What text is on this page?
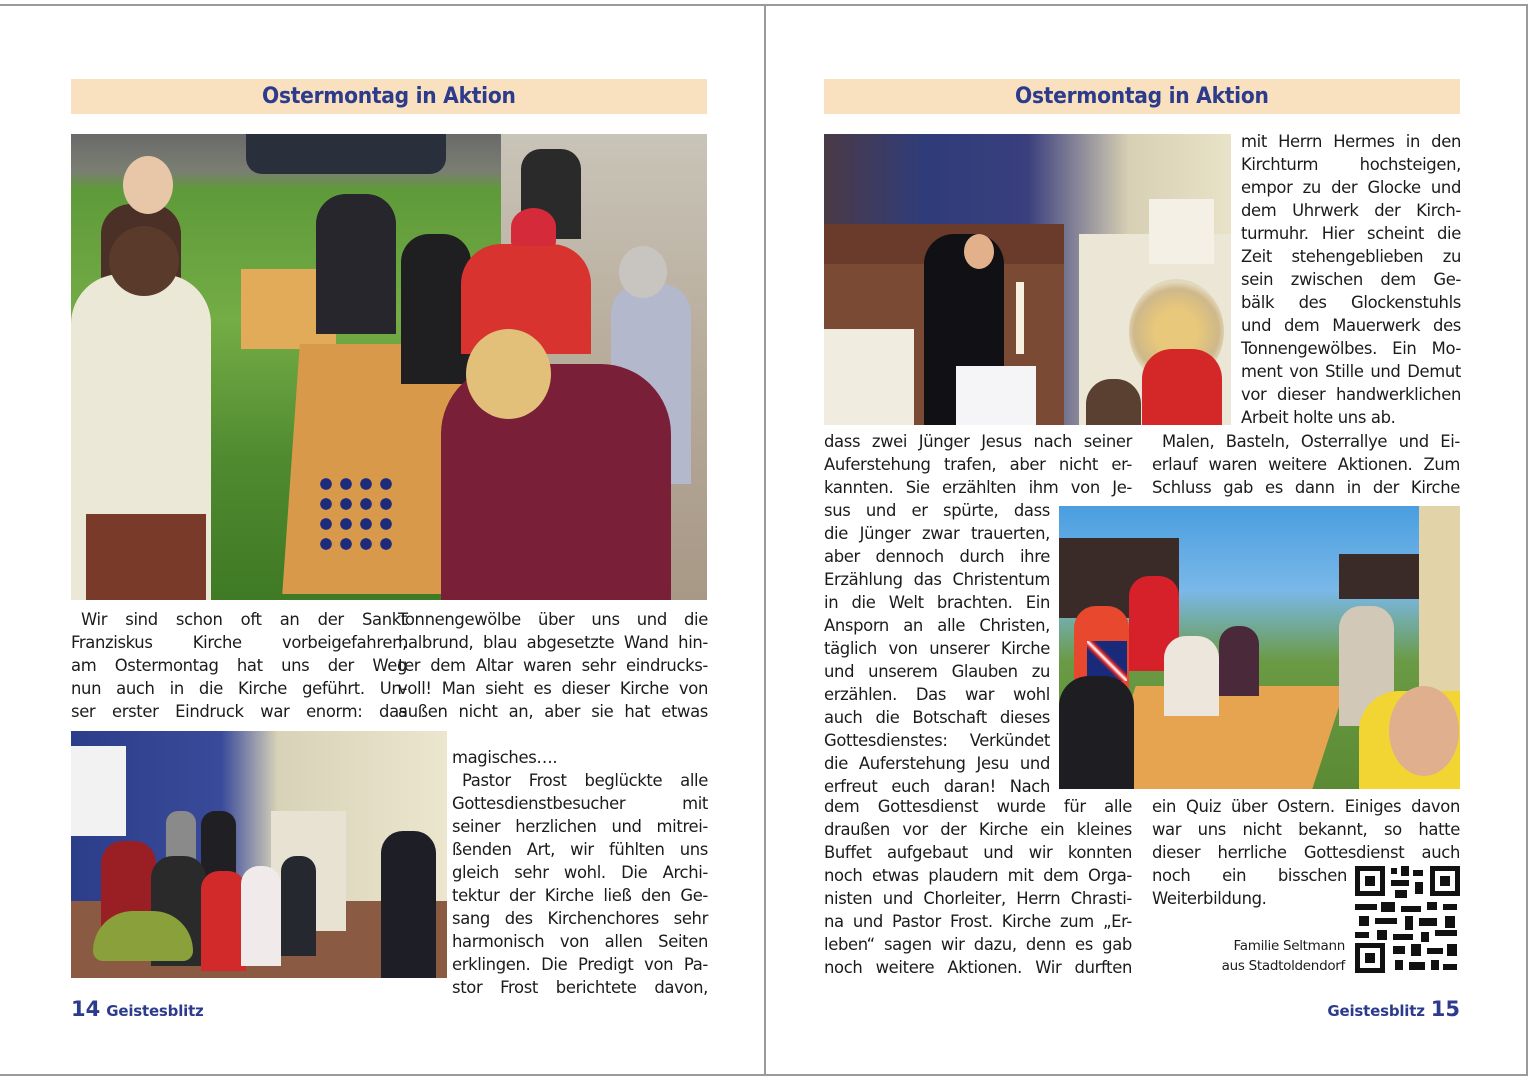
Ostermontag in Aktion
Wir sind schon oft an der Sankt
Franziskus Kirche vorbeigefahren,
am Ostermontag hat uns der Weg
nun auch in die Kirche geführt. Un-
ser erster Eindruck war enorm: das
Tonnengewölbe über uns und die
halbrund, blau abgesetzte Wand hin-
ter dem Altar waren sehr eindrucks-
voll! Man sieht es dieser Kirche von
außen nicht an, aber sie hat etwas
magisches….
Pastor Frost beglückte alle
Gottesdienstbesucher mit
seiner herzlichen und mitrei-
ßenden Art, wir fühlten uns
gleich sehr wohl. Die Archi-
tektur der Kirche ließ den Ge-
sang des Kirchenchores sehr
harmonisch von allen Seiten
erklingen. Die Predigt von Pa-
stor Frost berichtete davon,
14 Geistesblitz
Ostermontag in Aktion
mit Herrn Hermes in den
Kirchturm hochsteigen,
empor zu der Glocke und
dem Uhrwerk der Kirch-
turmuhr. Hier scheint die
Zeit stehengeblieben zu
sein zwischen dem Ge-
bälk des Glockenstuhls
und dem Mauerwerk des
Tonnengewölbes. Ein Mo-
ment von Stille und Demut
vor dieser handwerklichen
Arbeit holte uns ab.
dass zwei Jünger Jesus nach seiner
Auferstehung trafen, aber nicht er-
kannten. Sie erzählten ihm von Je-
sus und er spürte, dass
die Jünger zwar trauerten,
aber dennoch durch ihre
Erzählung das Christentum
in die Welt brachten. Ein
Ansporn an alle Christen,
täglich von unserer Kirche
und unserem Glauben zu
erzählen. Das war wohl
auch die Botschaft dieses
Gottesdienstes: Verkündet
die Auferstehung Jesu und
erfreut euch daran! Nach
dem Gottesdienst wurde für alle
draußen vor der Kirche ein kleines
Buffet aufgebaut und wir konnten
noch etwas plaudern mit dem Orga-
nisten und Chorleiter, Herrn Chrasti-
na und Pastor Frost. Kirche zum „Er-
leben“ sagen wir dazu, denn es gab
noch weitere Aktionen. Wir durften
Malen, Basteln, Osterrallye und Ei-
erlauf waren weitere Aktionen. Zum
Schluss gab es dann in der Kirche
ein Quiz über Ostern. Einiges davon
war uns nicht bekannt, so hatte
dieser herrliche Gottesdienst auch
noch ein bisschen
Weiterbildung.
Familie Seltmann
aus Stadtoldendorf
Geistesblitz 15
